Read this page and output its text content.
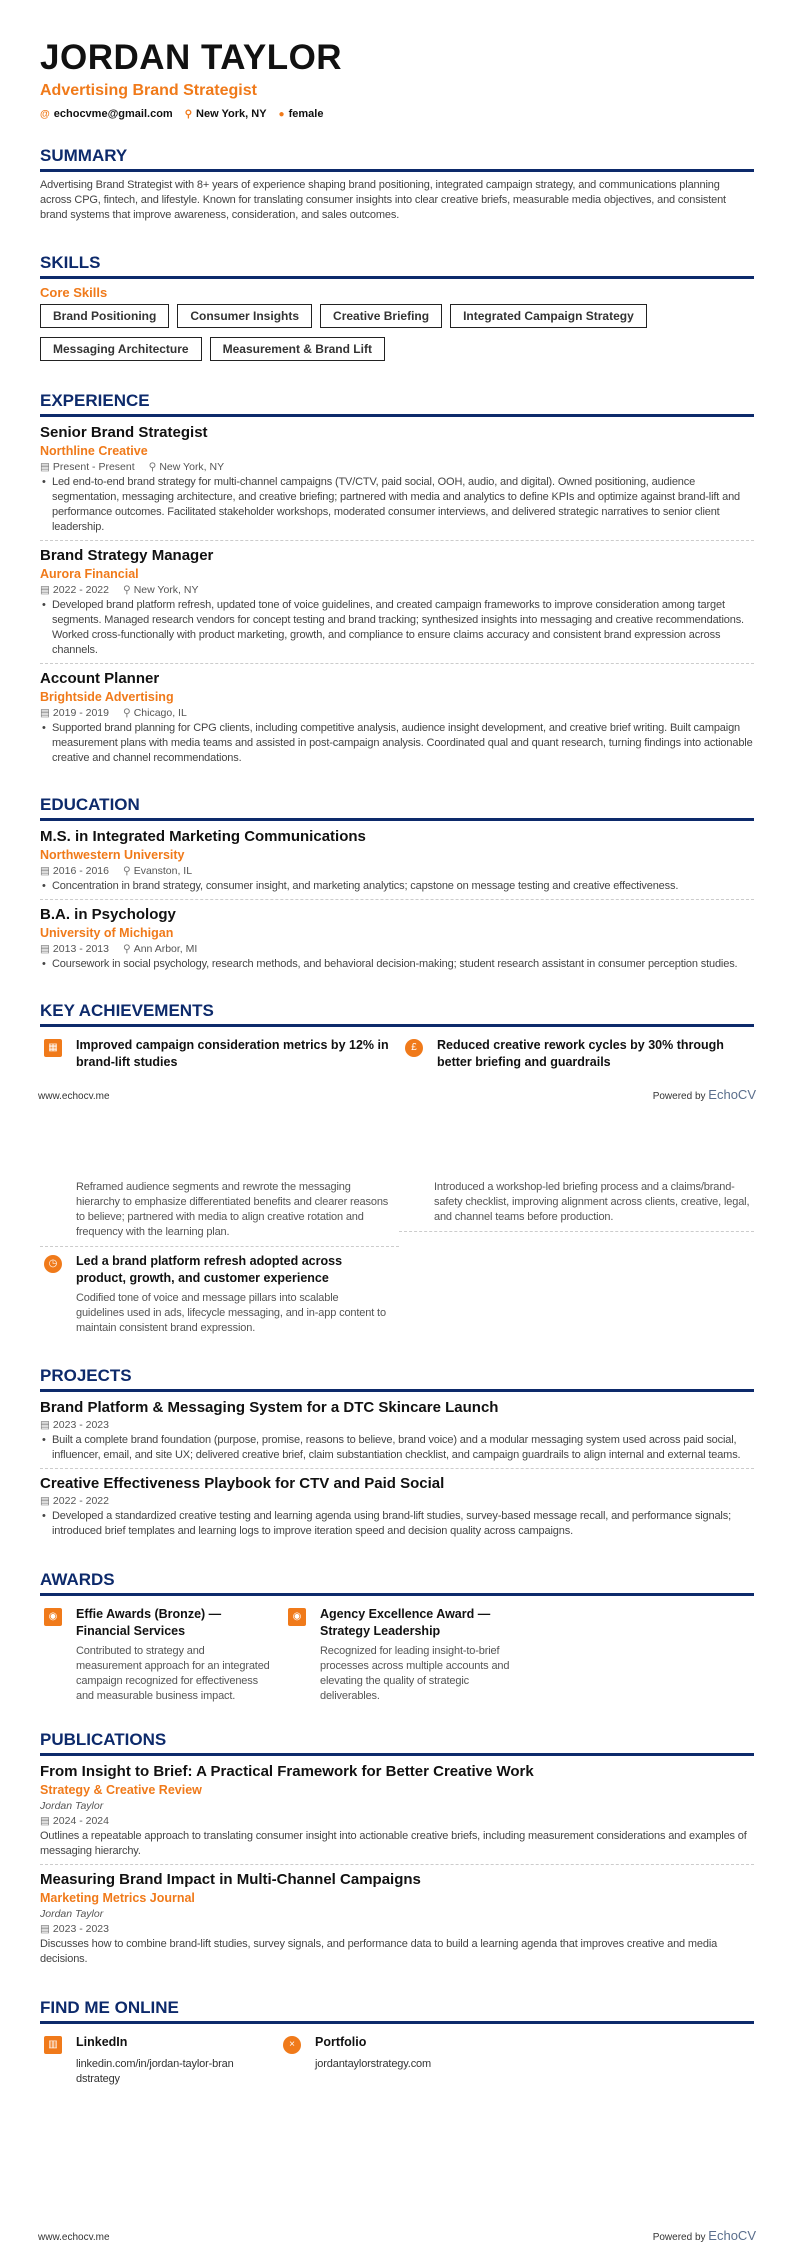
JORDAN TAYLOR
Advertising Brand Strategist
@ echocvme@gmail.com ⚲ New York, NY ● female
SUMMARY
Advertising Brand Strategist with 8+ years of experience shaping brand positioning, integrated campaign strategy, and communications planning across CPG, fintech, and lifestyle. Known for translating consumer insights into clear creative briefs, measurable media objectives, and consistent brand systems that improve awareness, consideration, and sales outcomes.
SKILLS
Core Skills
Brand Positioning	Consumer Insights	Creative Briefing	Integrated Campaign Strategy
Messaging Architecture	Measurement & Brand Lift
EXPERIENCE
Senior Brand Strategist
Northline Creative
▤ Present - Present ⚲ New York, NY
• Led end-to-end brand strategy for multi-channel campaigns (TV/CTV, paid social, OOH, audio, and digital). Owned positioning, audience segmentation, messaging architecture, and creative briefing; partnered with media and analytics to define KPIs and optimize against brand-lift and performance outcomes. Facilitated stakeholder workshops, moderated consumer interviews, and delivered strategic narratives to senior client leadership.
Brand Strategy Manager
Aurora Financial
▤ 2022 - 2022 ⚲ New York, NY
• Developed brand platform refresh, updated tone of voice guidelines, and created campaign frameworks to improve consideration among target segments. Managed research vendors for concept testing and brand tracking; synthesized insights into messaging and creative recommendations. Worked cross-functionally with product marketing, growth, and compliance to ensure claims accuracy and consistent brand expression across channels.
Account Planner
Brightside Advertising
▤ 2019 - 2019 ⚲ Chicago, IL
• Supported brand planning for CPG clients, including competitive analysis, audience insight development, and creative brief writing. Built campaign measurement plans with media teams and assisted in post-campaign analysis. Coordinated qual and quant research, turning findings into actionable creative and channel recommendations.
EDUCATION
M.S. in Integrated Marketing Communications
Northwestern University
▤ 2016 - 2016 ⚲ Evanston, IL
• Concentration in brand strategy, consumer insight, and marketing analytics; capstone on message testing and creative effectiveness.
B.A. in Psychology
University of Michigan
▤ 2013 - 2013 ⚲ Ann Arbor, MI
• Coursework in social psychology, research methods, and behavioral decision-making; student research assistant in consumer perception studies.
KEY ACHIEVEMENTS
▦	Improved campaign consideration metrics by 12% in brand-lift studies
£	Reduced creative rework cycles by 30% through better briefing and guardrails
www.echocv.me	Powered by EchoCV
Reframed audience segments and rewrote the messaging hierarchy to emphasize differentiated benefits and clearer reasons to believe; partnered with media to align creative rotation and frequency with the learning plan.
Introduced a workshop-led briefing process and a claims/brand-safety checklist, improving alignment across clients, creative, legal, and channel teams before production.
◷	Led a brand platform refresh adopted across product, growth, and customer experience
Codified tone of voice and message pillars into scalable guidelines used in ads, lifecycle messaging, and in-app content to maintain consistent brand expression.
PROJECTS
Brand Platform & Messaging System for a DTC Skincare Launch
▤ 2023 - 2023
• Built a complete brand foundation (purpose, promise, reasons to believe, brand voice) and a modular messaging system used across paid social, influencer, email, and site UX; delivered creative brief, claim substantiation checklist, and campaign guardrails to align internal and external teams.
Creative Effectiveness Playbook for CTV and Paid Social
▤ 2022 - 2022
• Developed a standardized creative testing and learning agenda using brand-lift studies, survey-based message recall, and performance signals; introduced brief templates and learning logs to improve iteration speed and decision quality across campaigns.
AWARDS
◉	Effie Awards (Bronze) — Financial Services
Contributed to strategy and measurement approach for an integrated campaign recognized for effectiveness and measurable business impact.
◉	Agency Excellence Award — Strategy Leadership
Recognized for leading insight-to-brief processes across multiple accounts and elevating the quality of strategic deliverables.
PUBLICATIONS
From Insight to Brief: A Practical Framework for Better Creative Work
Strategy & Creative Review
Jordan Taylor
▤ 2024 - 2024
Outlines a repeatable approach to translating consumer insight into actionable creative briefs, including measurement considerations and examples of messaging hierarchy.
Measuring Brand Impact in Multi-Channel Campaigns
Marketing Metrics Journal
Jordan Taylor
▤ 2023 - 2023
Discusses how to combine brand-lift studies, survey signals, and performance data to build a learning agenda that improves creative and media decisions.
FIND ME ONLINE
▥	LinkedIn
linkedin.com/in/jordan-taylor-brandstrategy
×	Portfolio
jordantaylorstrategy.com
www.echocv.me	Powered by EchoCV
